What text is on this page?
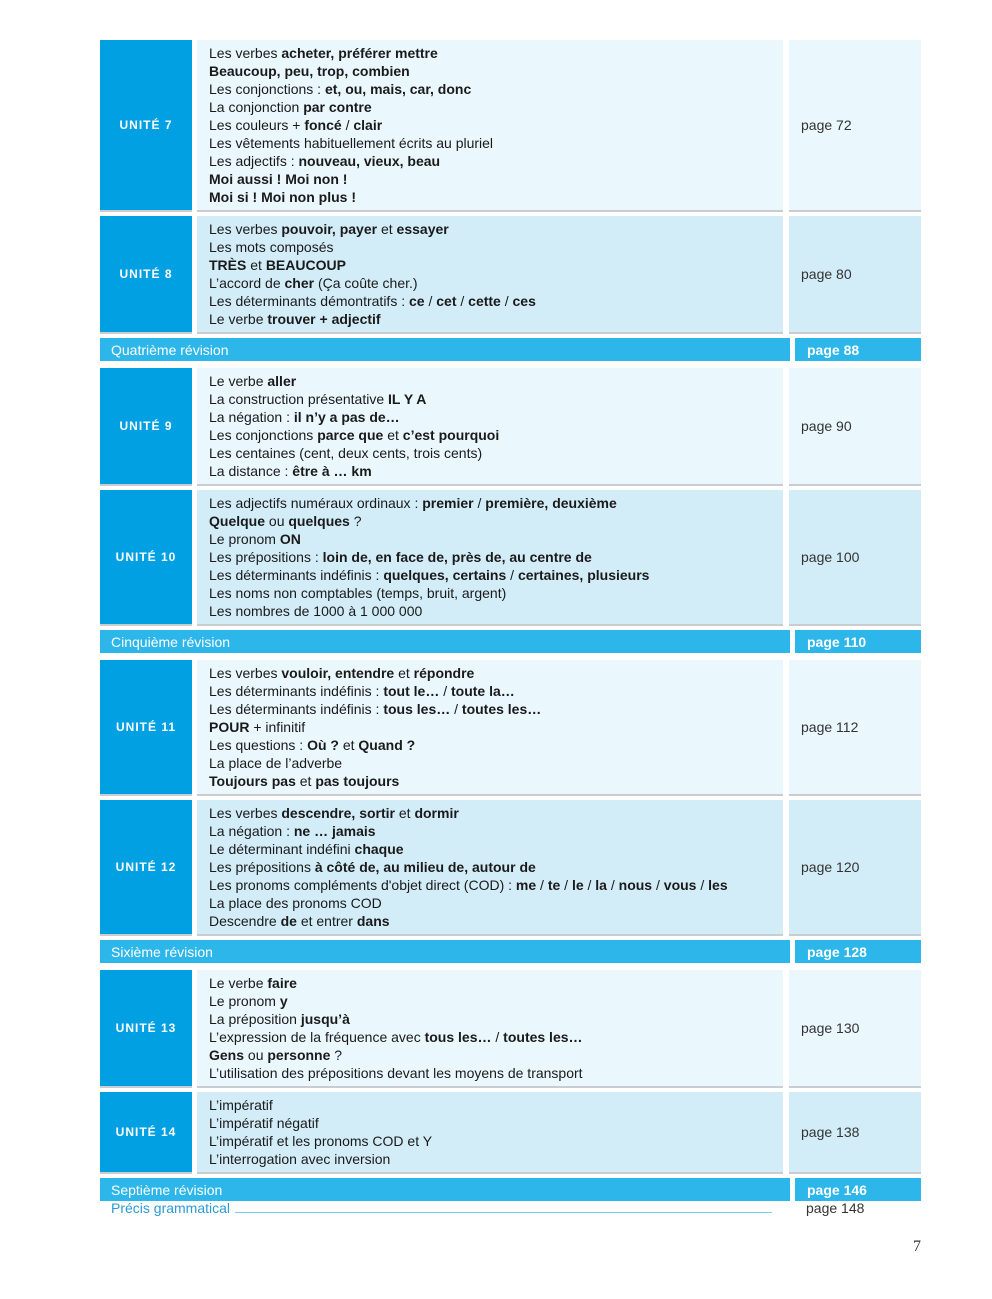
UNITÉ 7
Les verbes acheter, préférer mettre
Beaucoup, peu, trop, combien
Les conjonctions : et, ou, mais, car, donc
La conjonction par contre
Les couleurs + foncé / clair
Les vêtements habituellement écrits au pluriel
Les adjectifs : nouveau, vieux, beau
Moi aussi ! Moi non !
Moi si ! Moi non plus !
page 72
UNITÉ 8
Les verbes pouvoir, payer et essayer
Les mots composés
TRÈS et BEAUCOUP
L’accord de cher (Ça coûte cher.)
Les déterminants démontratifs : ce / cet / cette / ces
Le verbe trouver + adjectif
page 80
Quatrième révision	page 88
UNITÉ 9
Le verbe aller
La construction présentative IL Y A
La négation : il n’y a pas de…
Les conjonctions parce que et c’est pourquoi
Les centaines (cent, deux cents, trois cents)
La distance : être à … km
page 90
UNITÉ 10
Les adjectifs numéraux ordinaux : premier / première, deuxième
Quelque ou quelques ?
Le pronom ON
Les prépositions : loin de, en face de, près de, au centre de
Les déterminants indéfinis : quelques, certains / certaines, plusieurs
Les noms non comptables (temps, bruit, argent)
Les nombres de 1000 à 1 000 000
page 100
Cinquième révision	page 110
UNITÉ 11
Les verbes vouloir, entendre et répondre
Les déterminants indéfinis : tout le… / toute la…
Les déterminants indéfinis : tous les… / toutes les…
POUR + infinitif
Les questions : Où ? et Quand ?
La place de l’adverbe
Toujours pas et pas toujours
page 112
UNITÉ 12
Les verbes descendre, sortir et dormir
La négation : ne … jamais
Le déterminant indéfini chaque
Les prépositions à côté de, au milieu de, autour de
Les pronoms compléments d'objet direct (COD) : me / te / le / la / nous / vous / les
La place des pronoms COD
Descendre de et entrer dans
page 120
Sixième révision	page 128
UNITÉ 13
Le verbe faire
Le pronom y
La préposition jusqu’à
L’expression de la fréquence avec tous les… / toutes les…
Gens ou personne ?
L’utilisation des prépositions devant les moyens de transport
page 130
UNITÉ 14
L’impératif
L’impératif négatif
L’impératif et les pronoms COD et Y
L’interrogation avec inversion
page 138
Septième révision	page 146
Précis grammatical	page 148
7
